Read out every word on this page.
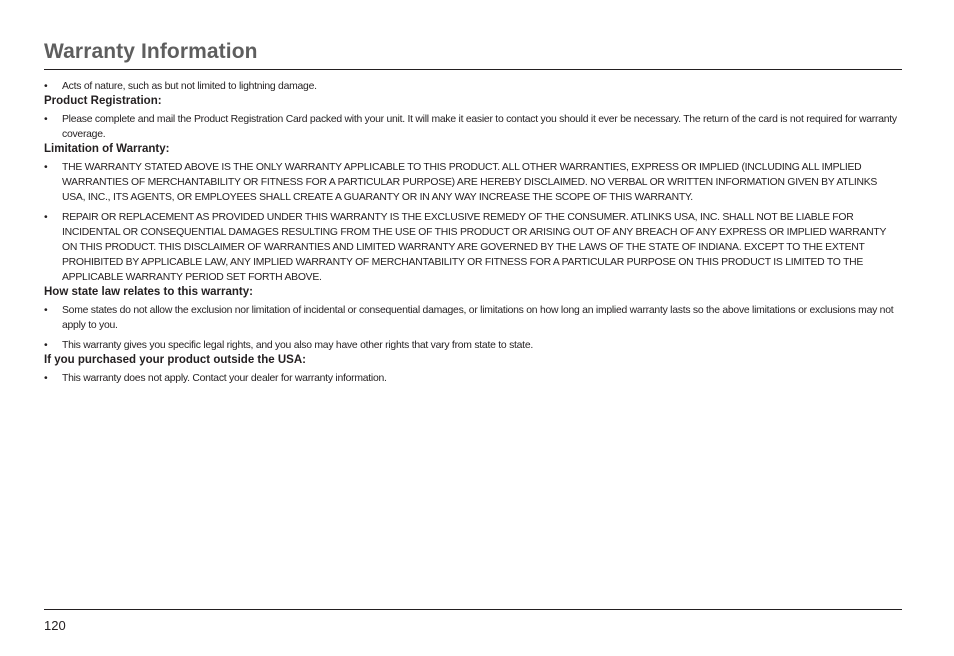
Warranty Information
• Acts of nature, such as but not limited to lightning damage.
Product Registration:
• Please complete and mail the Product Registration Card packed with your unit. It will make it easier to contact you should it ever be necessary. The return of the card is not required for warranty coverage.
Limitation of Warranty:
• THE WARRANTY STATED ABOVE IS THE ONLY WARRANTY APPLICABLE TO THIS PRODUCT. ALL OTHER WARRANTIES, EXPRESS OR IMPLIED (INCLUDING ALL IMPLIED WARRANTIES OF MERCHANTABILITY OR FITNESS FOR A PARTICULAR PURPOSE) ARE HEREBY DISCLAIMED. NO VERBAL OR WRITTEN INFORMATION GIVEN BY ATLINKS USA, INC., ITS AGENTS, OR EMPLOYEES SHALL CREATE A GUARANTY OR IN ANY WAY INCREASE THE SCOPE OF THIS WARRANTY.
• REPAIR OR REPLACEMENT AS PROVIDED UNDER THIS WARRANTY IS THE EXCLUSIVE REMEDY OF THE CONSUMER. ATLINKS USA, INC. SHALL NOT BE LIABLE FOR INCIDENTAL OR CONSEQUENTIAL DAMAGES RESULTING FROM THE USE OF THIS PRODUCT OR ARISING OUT OF ANY BREACH OF ANY EXPRESS OR IMPLIED WARRANTY ON THIS PRODUCT. THIS DISCLAIMER OF WARRANTIES AND LIMITED WARRANTY ARE GOVERNED BY THE LAWS OF THE STATE OF INDIANA. EXCEPT TO THE EXTENT PROHIBITED BY APPLICABLE LAW, ANY IMPLIED WARRANTY OF MERCHANTABILITY OR FITNESS FOR A PARTICULAR PURPOSE ON THIS PRODUCT IS LIMITED TO THE APPLICABLE WARRANTY PERIOD SET FORTH ABOVE.
How state law relates to this warranty:
• Some states do not allow the exclusion nor limitation of incidental or consequential damages, or limitations on how long an implied warranty lasts so the above limitations or exclusions may not apply to you.
• This warranty gives you specific legal rights, and you also may have other rights that vary from state to state.
If you purchased your product outside the USA:
• This warranty does not apply. Contact your dealer for warranty information.
120
